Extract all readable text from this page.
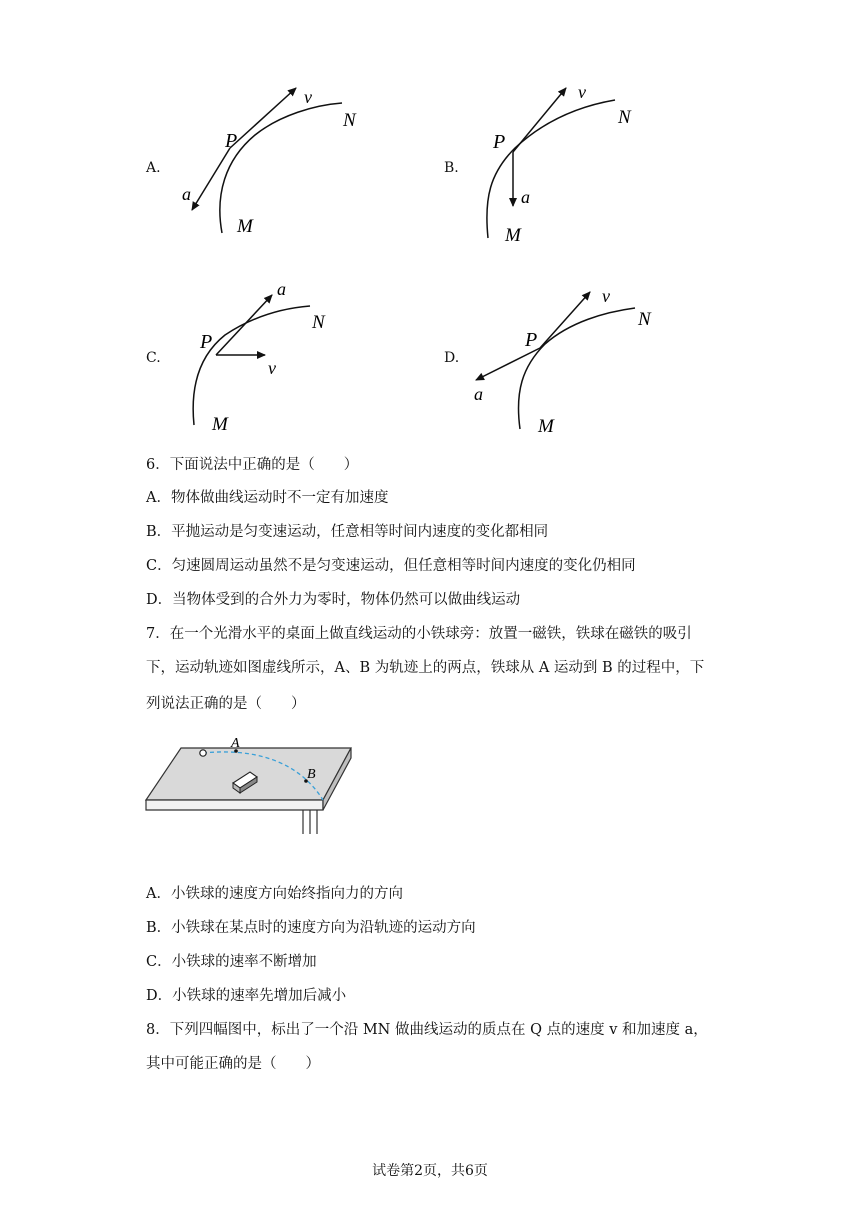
A.
P
v
a
M
N
B.
P
v
a
M
N
C.
P
a
v
M
N
D.
P
v
a
M
N
6．下面说法中正确的是（　　）
A．物体做曲线运动时不一定有加速度
B．平抛运动是匀变速运动，任意相等时间内速度的变化都相同
C．匀速圆周运动虽然不是匀变速运动，但任意相等时间内速度的变化仍相同
D．当物体受到的合外力为零时，物体仍然可以做曲线运动
7．在一个光滑水平的桌面上做直线运动的小铁球旁：放置一磁铁，铁球在磁铁的吸引
下，运动轨迹如图虚线所示，A、B 为轨迹上的两点，铁球从 A 运动到 B 的过程中，下
列说法正确的是（　　）
A
B
A．小铁球的速度方向始终指向力的方向
B．小铁球在某点时的速度方向为沿轨迹的运动方向
C．小铁球的速率不断增加
D．小铁球的速率先增加后减小
8．下列四幅图中，标出了一个沿 MN 做曲线运动的质点在 Q 点的速度 v 和加速度 a，
其中可能正确的是（　　）
试卷第2页，共6页
